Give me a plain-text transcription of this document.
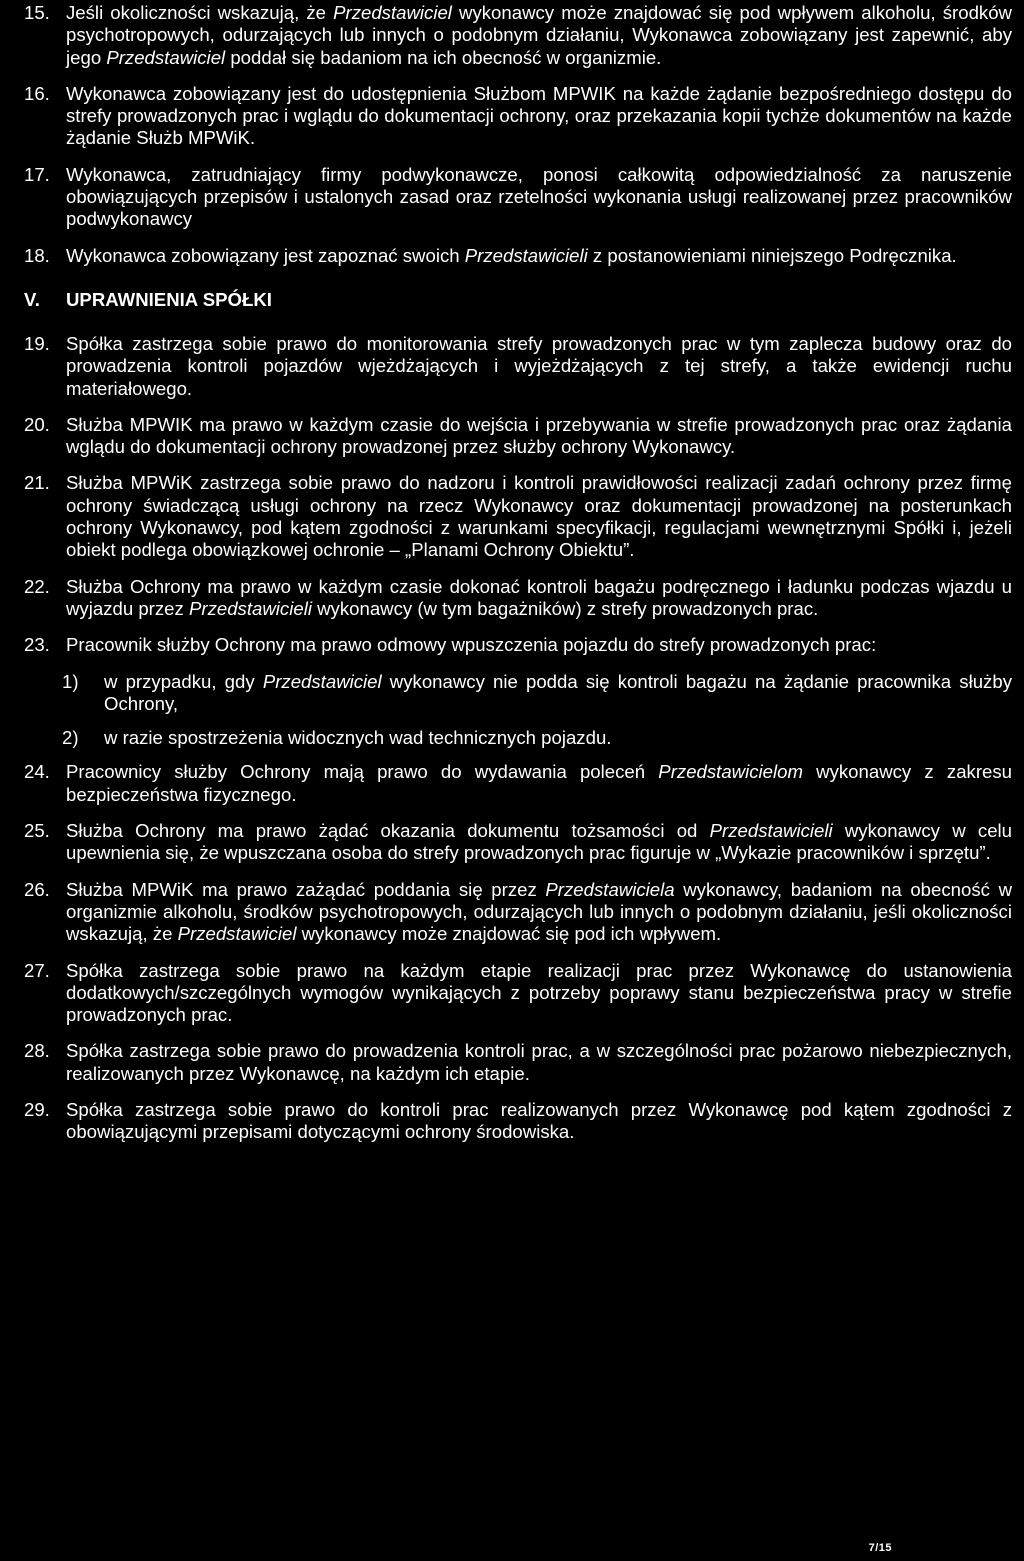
15. Jeśli okoliczności wskazują, że Przedstawiciel wykonawcy może znajdować się pod wpływem alkoholu, środków psychotropowych, odurzających lub innych o podobnym działaniu, Wykonawca zobowiązany jest zapewnić, aby jego Przedstawiciel poddał się badaniom na ich obecność w organizmie.
16. Wykonawca zobowiązany jest do udostępnienia Służbom MPWIK na każde żądanie bezpośredniego dostępu do strefy prowadzonych prac i wglądu do dokumentacji ochrony, oraz przekazania kopii tychże dokumentów na każde żądanie Służb MPWiK.
17. Wykonawca, zatrudniający firmy podwykonawcze, ponosi całkowitą odpowiedzialność za naruszenie obowiązujących przepisów i ustalonych zasad oraz rzetelności wykonania usługi realizowanej przez pracowników podwykonawcy
18. Wykonawca zobowiązany jest zapoznać swoich Przedstawicieli z postanowieniami niniejszego Podręcznika.
V.	UPRAWNIENIA SPÓŁKI
19. Spółka zastrzega sobie prawo do monitorowania strefy prowadzonych prac w tym zaplecza budowy oraz do prowadzenia kontroli pojazdów wjeżdżających i wyjeżdżających z tej strefy, a także ewidencji ruchu materiałowego.
20. Służba MPWIK ma prawo w każdym czasie do wejścia i przebywania w strefie prowadzonych prac oraz żądania wglądu do dokumentacji ochrony prowadzonej przez służby ochrony Wykonawcy.
21. Służba MPWiK zastrzega sobie prawo do nadzoru i kontroli prawidłowości realizacji zadań ochrony przez firmę ochrony świadczącą usługi ochrony na rzecz Wykonawcy oraz dokumentacji prowadzonej na posterunkach ochrony Wykonawcy, pod kątem zgodności z warunkami specyfikacji, regulacjami wewnętrznymi Spółki i, jeżeli obiekt podlega obowiązkowej ochronie – „Planami Ochrony Obiektu”.
22. Służba Ochrony ma prawo w każdym czasie dokonać kontroli bagażu podręcznego i ładunku podczas wjazdu u wyjazdu przez Przedstawicieli wykonawcy (w tym bagażników) z strefy prowadzonych prac.
23. Pracownik służby Ochrony ma prawo odmowy wpuszczenia pojazdu do strefy prowadzonych prac:
1)	w przypadku, gdy Przedstawiciel wykonawcy nie podda się kontroli bagażu na żądanie pracownika służby Ochrony,
2)	w razie spostrzeżenia widocznych wad technicznych pojazdu.
24. Pracownicy służby Ochrony mają prawo do wydawania poleceń Przedstawicielom wykonawcy z zakresu bezpieczeństwa fizycznego.
25. Służba Ochrony ma prawo żądać okazania dokumentu tożsamości od Przedstawicieli wykonawcy w celu upewnienia się, że wpuszczana osoba do strefy prowadzonych prac figuruje w „Wykazie pracowników i sprzętu”.
26. Służba MPWiK ma prawo zażądać poddania się przez Przedstawiciela wykonawcy, badaniom na obecność w organizmie alkoholu, środków psychotropowych, odurzających lub innych o podobnym działaniu, jeśli okoliczności wskazują, że Przedstawiciel wykonawcy może znajdować się pod ich wpływem.
27. Spółka zastrzega sobie prawo na każdym etapie realizacji prac przez Wykonawcę do ustanowienia dodatkowych/szczególnych wymogów wynikających z potrzeby poprawy stanu bezpieczeństwa pracy w strefie prowadzonych prac.
28. Spółka zastrzega sobie prawo do prowadzenia kontroli prac, a w szczególności prac pożarowo niebezpiecznych, realizowanych przez Wykonawcę, na każdym ich etapie.
29. Spółka zastrzega sobie prawo do kontroli prac realizowanych przez Wykonawcę pod kątem zgodności z obowiązującymi przepisami dotyczącymi ochrony środowiska.
7/15
